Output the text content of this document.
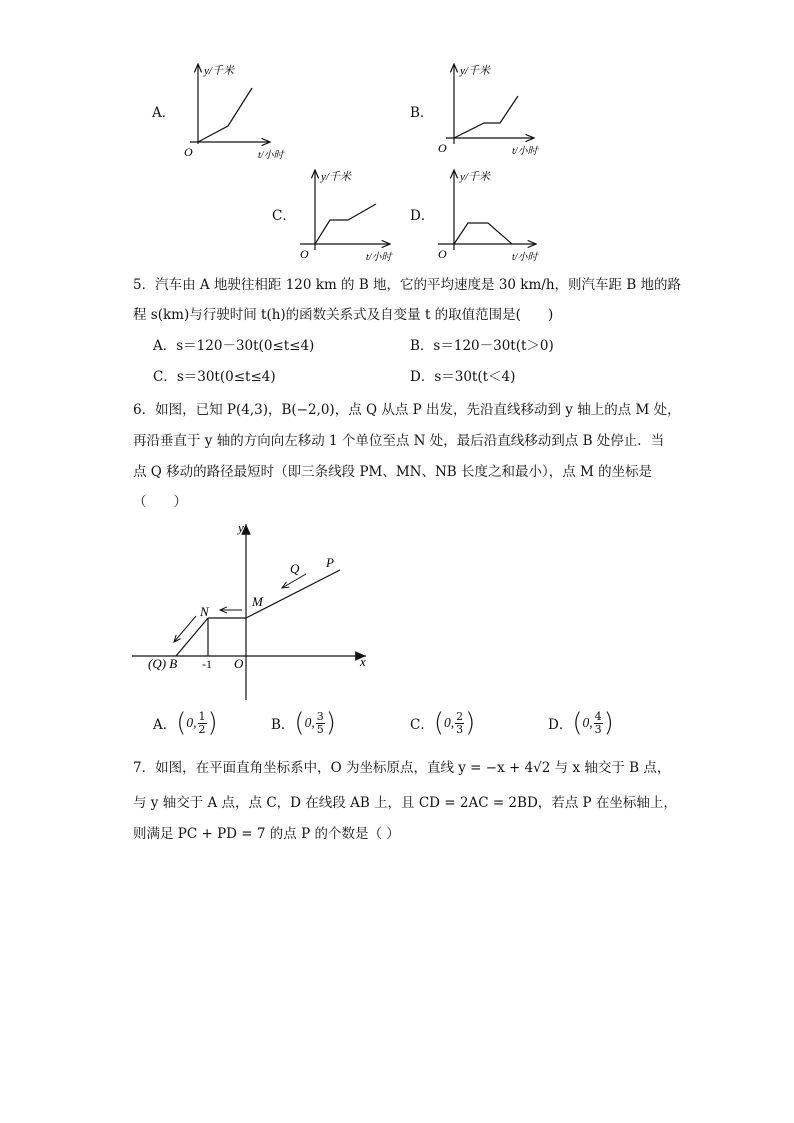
A．
y/千米
O	t/小时
B．
y/千米
O	t/小时
C．
y/千米
O	t/小时
D．
y/千米
O	t/小时
5．汽车由 A 地驶往相距 120 km 的 B 地，它的平均速度是 30 km/h，则汽车距 B 地的路
程 s(km)与行驶时间 t(h)的函数关系式及自变量 t 的取值范围是(　　)
A．s＝120－30t(0≤t≤4)	B．s＝120－30t(t＞0)
C．s＝30t(0≤t≤4)	D．s＝30t(t＜4)
6．如图，已知 P(4,3)，B(−2,0)，点 Q 从点 P 出发，先沿直线移动到 y 轴上的点 M 处，
再沿垂直于 y 轴的方向向左移动 1 个单位至点 N 处，最后沿直线移动到点 B 处停止．当
点 Q 移动的路径最短时（即三条线段 PM、MN、NB 长度之和最小），点 M 的坐标是
（　　）
y
x
P
Q
M
N
(Q) B -1 O
A． ( 0, $\frac{1}{2}$ )	B． ( 0, $\frac{3}{5}$ )	C． ( 0, $\frac{2}{3}$ )	D． ( 0, $\frac{4}{3}$ )
7．如图，在平面直角坐标系中，O 为坐标原点，直线 y = −x + 4√2 与 x 轴交于 B 点，
与 y 轴交于 A 点，点 C，D 在线段 AB 上，且 CD = 2AC = 2BD，若点 P 在坐标轴上，
则满足 PC + PD = 7 的点 P 的个数是（ ）
